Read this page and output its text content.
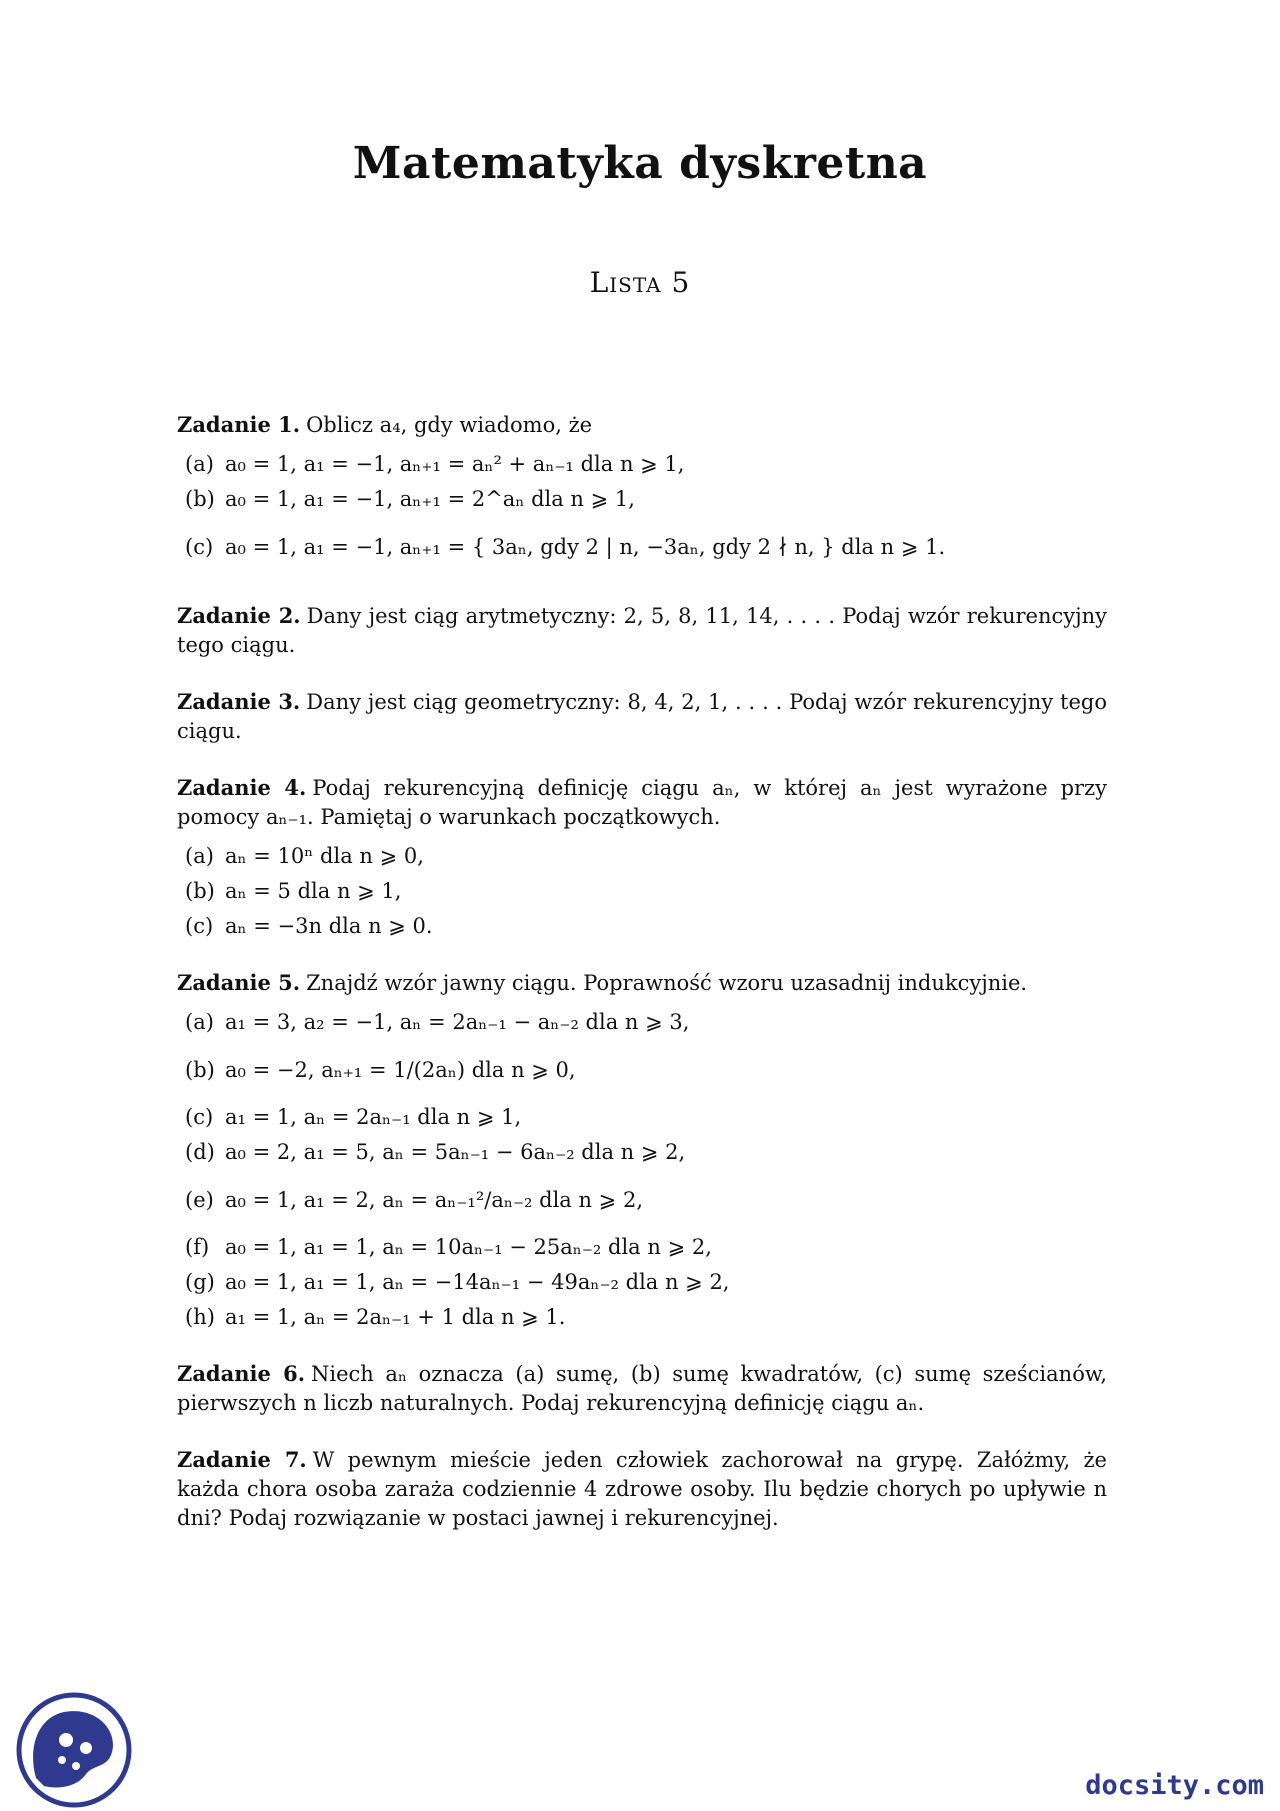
Matematyka dyskretna
Lista 5

Zadanie 1. Oblicz a₄, gdy wiadomo, że

(a) a₀ = 1, a₁ = −1, aₙ₊₁ = aₙ² + aₙ₋₁ dla n ⩾ 1,
(b) a₀ = 1, a₁ = −1, aₙ₊₁ = 2^aₙ dla n ⩾ 1,
(c) a₀ = 1, a₁ = −1, aₙ₊₁ = { 3aₙ, gdy 2 | n, −3aₙ, gdy 2 ∤ n, } dla n ⩾ 1.

Zadanie 2. Dany jest ciąg arytmetyczny: 2, 5, 8, 11, 14, . . . . Podaj wzór rekurencyjny tego ciągu.

Zadanie 3. Dany jest ciąg geometryczny: 8, 4, 2, 1, . . . . Podaj wzór rekurencyjny tego ciągu.

Zadanie 4. Podaj rekurencyjną definicję ciągu aₙ, w której aₙ jest wyrażone przy pomocy aₙ₋₁. Pamiętaj o warunkach początkowych.

(a) aₙ = 10ⁿ dla n ⩾ 0,
(b) aₙ = 5 dla n ⩾ 1,
(c) aₙ = −3n dla n ⩾ 0.

Zadanie 5. Znajdź wzór jawny ciągu. Poprawność wzoru uzasadnij indukcyjnie.

(a) a₁ = 3, a₂ = −1, aₙ = 2aₙ₋₁ − aₙ₋₂ dla n ⩾ 3,
(b) a₀ = −2, aₙ₊₁ = 1/(2aₙ) dla n ⩾ 0,
(c) a₁ = 1, aₙ = 2aₙ₋₁ dla n ⩾ 1,
(d) a₀ = 2, a₁ = 5, aₙ = 5aₙ₋₁ − 6aₙ₋₂ dla n ⩾ 2,
(e) a₀ = 1, a₁ = 2, aₙ = aₙ₋₁²/aₙ₋₂ dla n ⩾ 2,
(f) a₀ = 1, a₁ = 1, aₙ = 10aₙ₋₁ − 25aₙ₋₂ dla n ⩾ 2,
(g) a₀ = 1, a₁ = 1, aₙ = −14aₙ₋₁ − 49aₙ₋₂ dla n ⩾ 2,
(h) a₁ = 1, aₙ = 2aₙ₋₁ + 1 dla n ⩾ 1.

Zadanie 6. Niech aₙ oznacza (a) sumę, (b) sumę kwadratów, (c) sumę sześcianów, pierwszych n liczb naturalnych. Podaj rekurencyjną definicję ciągu aₙ.

Zadanie 7. W pewnym mieście jeden człowiek zachorował na grypę. Załóżmy, że każda chora osoba zaraża codziennie 4 zdrowe osoby. Ilu będzie chorych po upływie n dni? Podaj rozwiązanie w postaci jawnej i rekurencyjnej.

docsity.com
